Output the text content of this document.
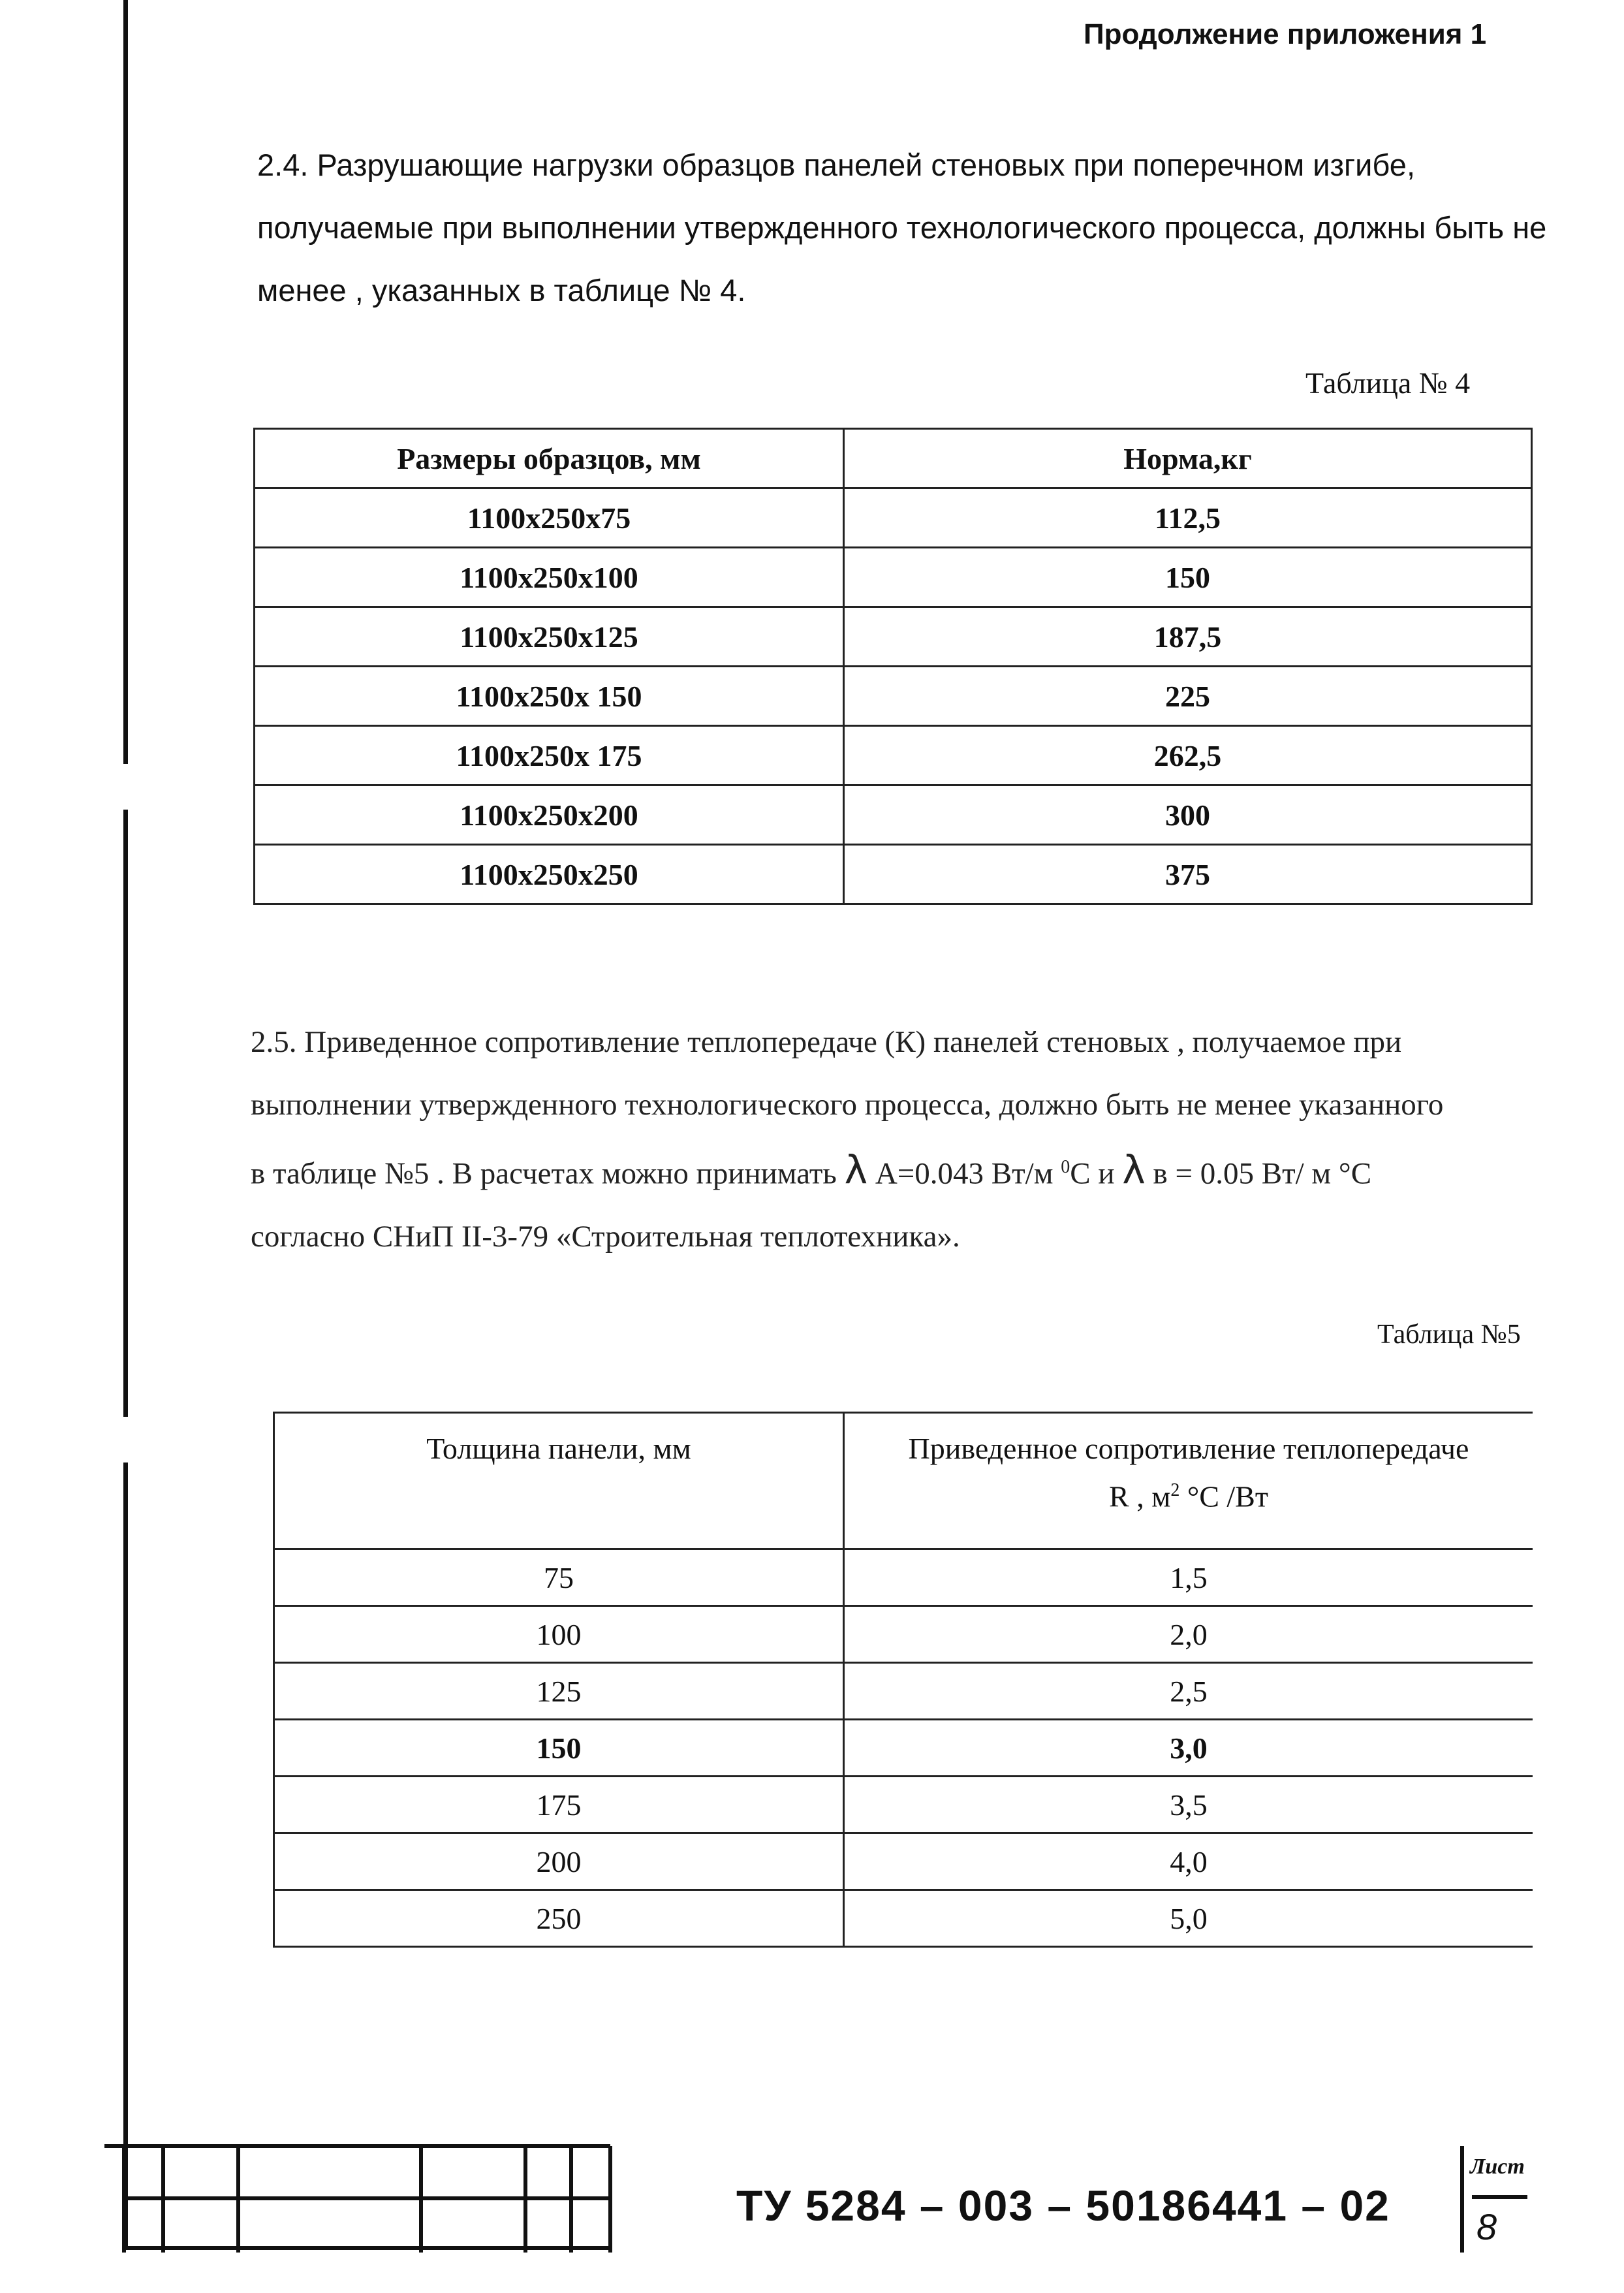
Продолжение приложения 1
2.4. Разрушающие нагрузки образцов панелей стеновых при поперечном изгибе,
получаемые при выполнении утвержденного технологического процесса, должны быть не
менее , указанных в таблице № 4.
Таблица № 4
Размеры образцов, мм	Норма,кг
1100x250x75	112,5
1100x250x100	150
1100x250x125	187,5
1100x250x 150	225
1100x250x 175	262,5
1100x250x200	300
1100x250x250	375
2.5. Приведенное сопротивление теплопередаче (К) панелей стеновых , получаемое при
выполнении утвержденного технологического процесса, должно быть не менее указанного
в таблице №5 . В расчетах можно принимать λ А=0.043 Вт/м $^0$С и λ в = 0.05 Вт/ м °С
согласно СНиП II-3-79 «Строительная теплотехника».
Таблица №5
Толщина панели, мм	Приведенное сопротивление теплопередаче
R , $м^2$ °С /Вт
75	1,5
100	2,0
125	2,5
150	3,0
175	3,5
200	4,0
250	5,0
ТУ 5284 – 003 – 50186441 – 02
Лист
8
